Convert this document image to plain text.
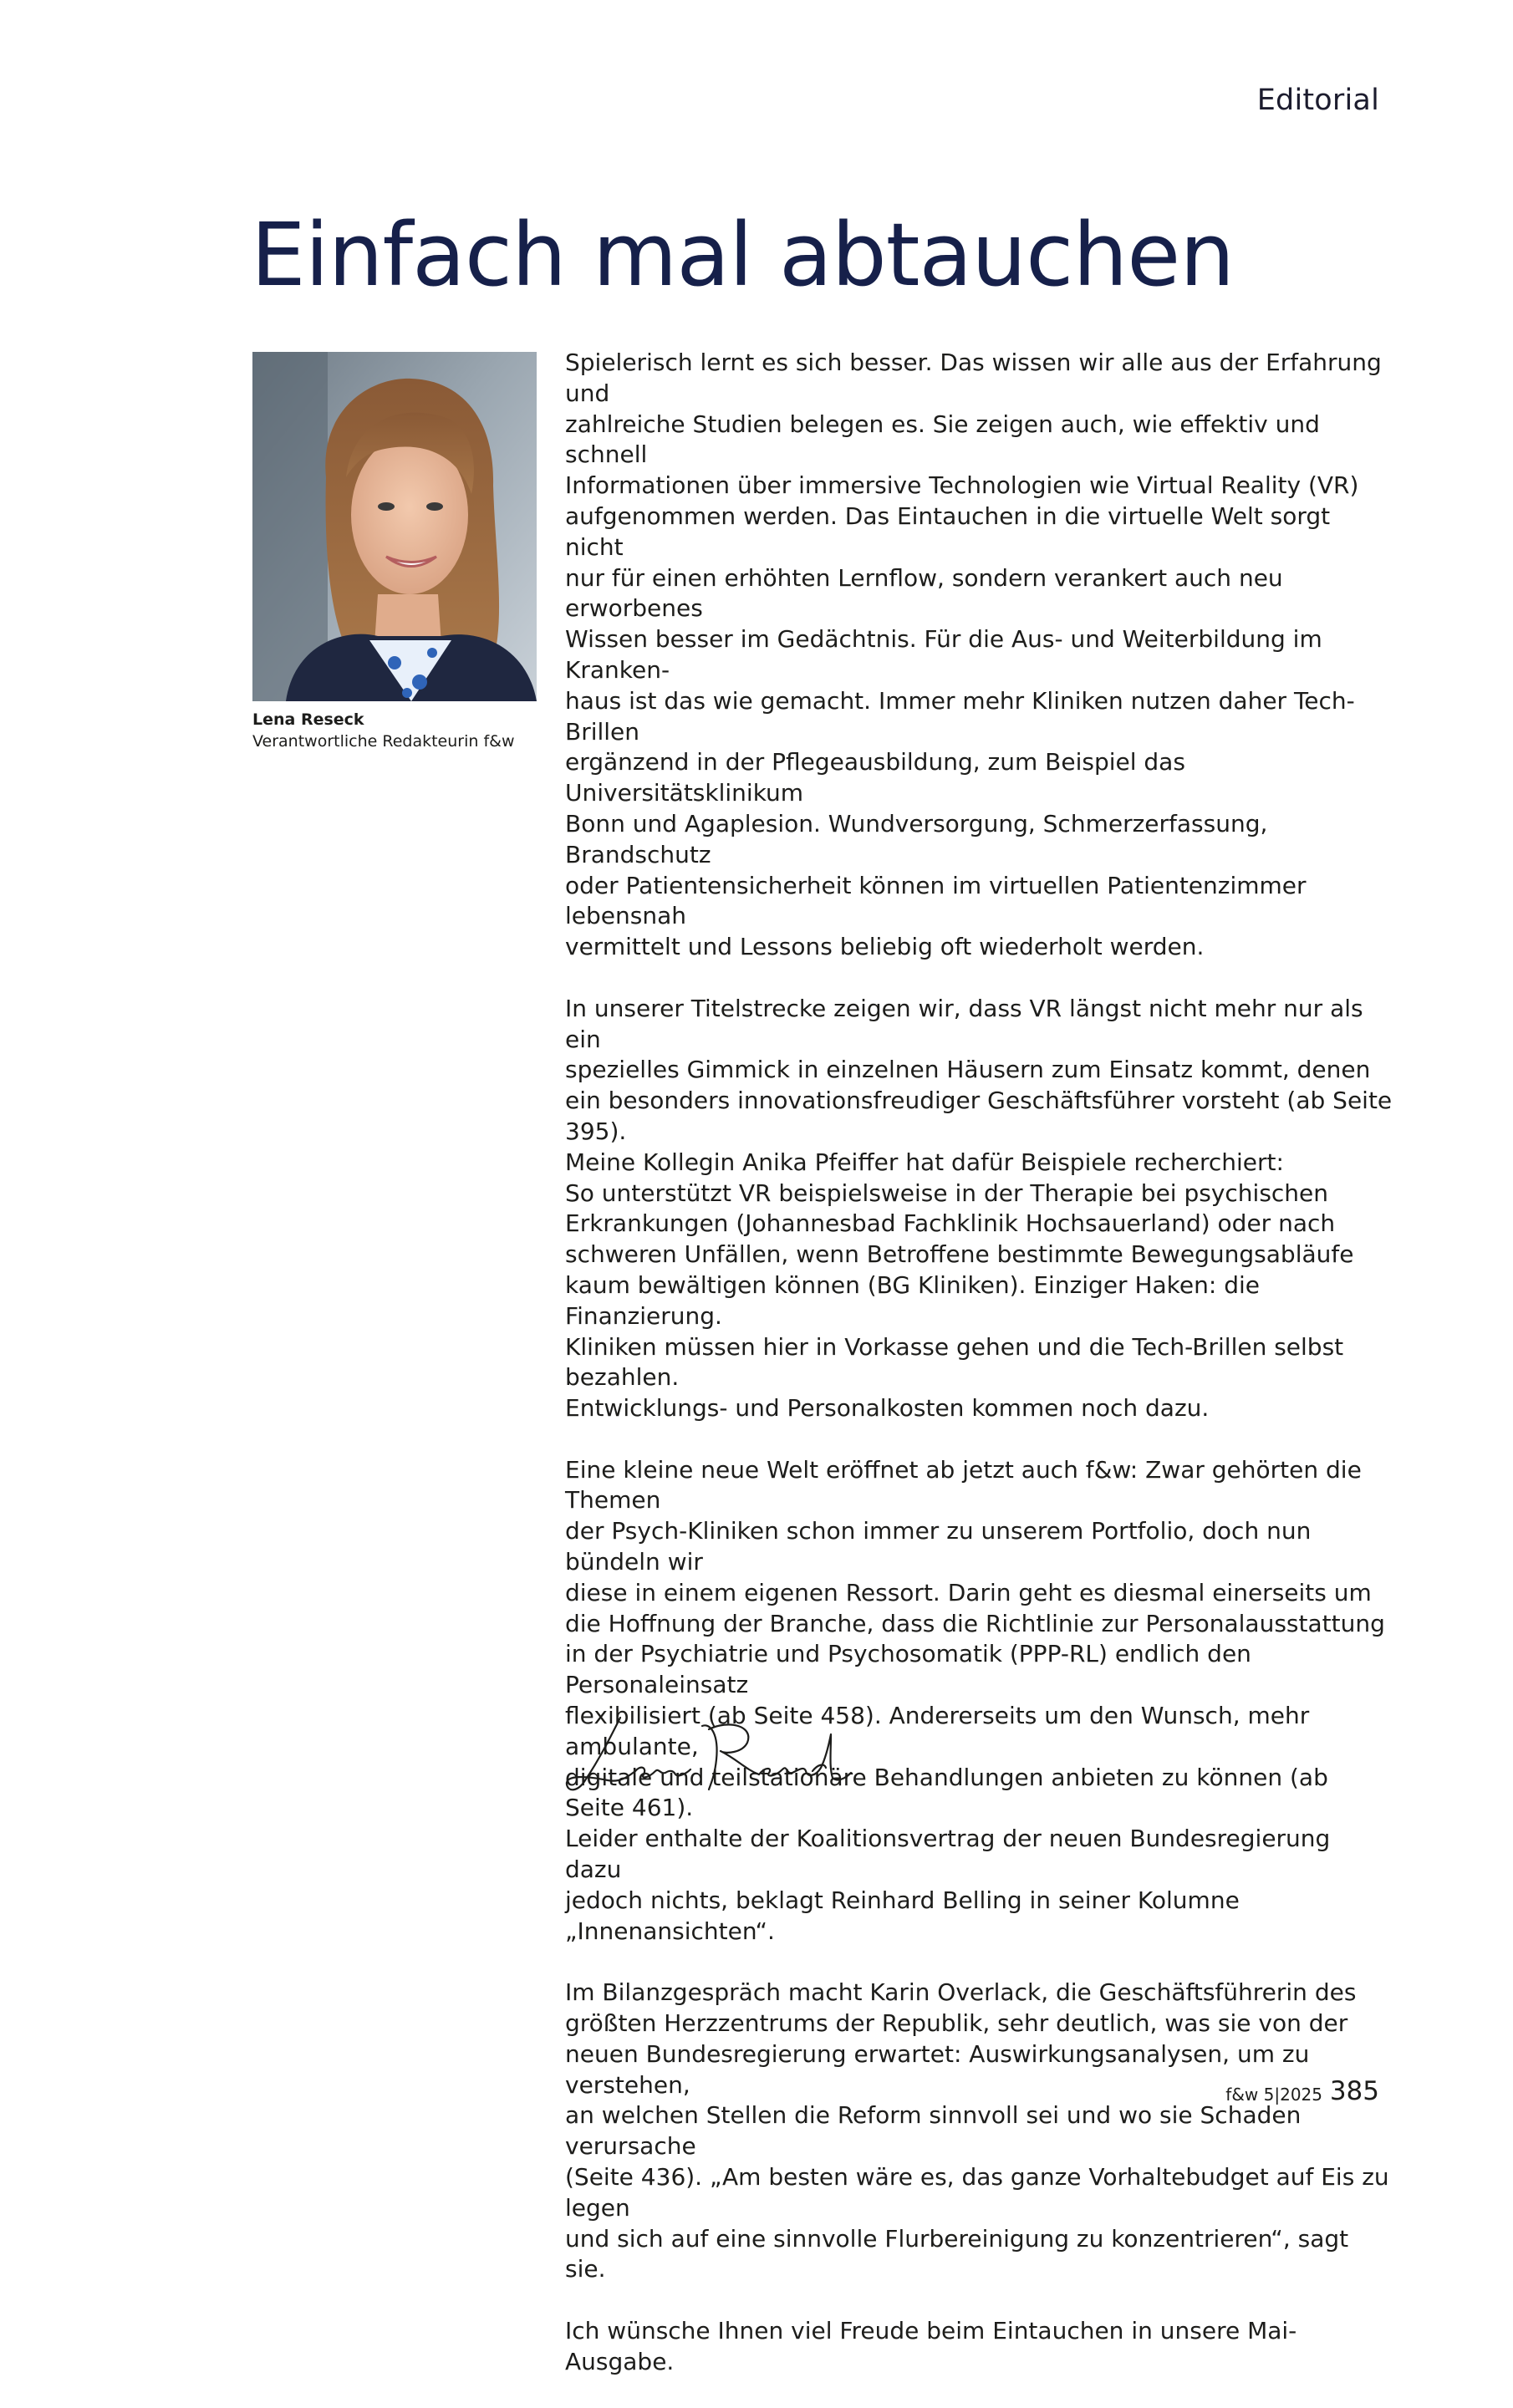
Editorial
Einfach mal abtauchen
Lena Reseck
Verantwortliche Redakteurin f&w

Spielerisch lernt es sich besser. Das wissen wir alle aus der Erfahrung und
zahlreiche Studien belegen es. Sie zeigen auch, wie effektiv und schnell
Informationen über immersive Technologien wie Virtual Reality (VR)
aufgenommen werden. Das Eintauchen in die virtuelle Welt sorgt nicht
nur für einen erhöhten Lernflow, sondern verankert auch neu erworbenes
Wissen besser im Gedächtnis. Für die Aus- und Weiterbildung im Kranken-
haus ist das wie gemacht. Immer mehr Kliniken nutzen daher Tech-Brillen
ergänzend in der Pflegeausbildung, zum Beispiel das Universitätsklinikum
Bonn und Agaplesion. Wundversorgung, Schmerzerfassung, Brandschutz
oder Patientensicherheit können im virtuellen Patientenzimmer lebensnah
vermittelt und Lessons beliebig oft wiederholt werden.

In unserer Titelstrecke zeigen wir, dass VR längst nicht mehr nur als ein
spezielles Gimmick in einzelnen Häusern zum Einsatz kommt, denen
ein besonders innovationsfreudiger Geschäftsführer vorsteht (ab Seite 395).
Meine Kollegin Anika Pfeiffer hat dafür Beispiele recherchiert:
So unterstützt VR beispielsweise in der Therapie bei psychischen
Erkrankungen (Johannesbad Fachklinik Hochsauerland) oder nach
schweren Unfällen, wenn Betroffene bestimmte Bewegungsabläufe
kaum bewältigen können (BG Kliniken). Einziger Haken: die Finanzierung.
Kliniken müssen hier in Vorkasse gehen und die Tech-Brillen selbst bezahlen.
Entwicklungs- und Personalkosten kommen noch dazu.

Eine kleine neue Welt eröffnet ab jetzt auch f&w: Zwar gehörten die Themen
der Psych-Kliniken schon immer zu unserem Portfolio, doch nun bündeln wir
diese in einem eigenen Ressort. Darin geht es diesmal einerseits um
die Hoffnung der Branche, dass die Richtlinie zur Personalausstattung
in der Psychiatrie und Psychosomatik (PPP-RL) endlich den Personaleinsatz
flexibilisiert (ab Seite 458). Andererseits um den Wunsch, mehr ambulante,
digitale und teilstationäre Behandlungen anbieten zu können (ab Seite 461).
Leider enthalte der Koalitionsvertrag der neuen Bundesregierung dazu
jedoch nichts, beklagt Reinhard Belling in seiner Kolumne „Innenansichten“.

Im Bilanzgespräch macht Karin Overlack, die Geschäftsführerin des
größten Herzzentrums der Republik, sehr deutlich, was sie von der
neuen Bundesregierung erwartet: Auswirkungsanalysen, um zu verstehen,
an welchen Stellen die Reform sinnvoll sei und wo sie Schaden verursache
(Seite 436). „Am besten wäre es, das ganze Vorhaltebudget auf Eis zu legen
und sich auf eine sinnvolle Flurbereinigung zu konzentrieren“, sagt sie.

Ich wünsche Ihnen viel Freude beim Eintauchen in unsere Mai-Ausgabe.

f&w 5|2025 385
